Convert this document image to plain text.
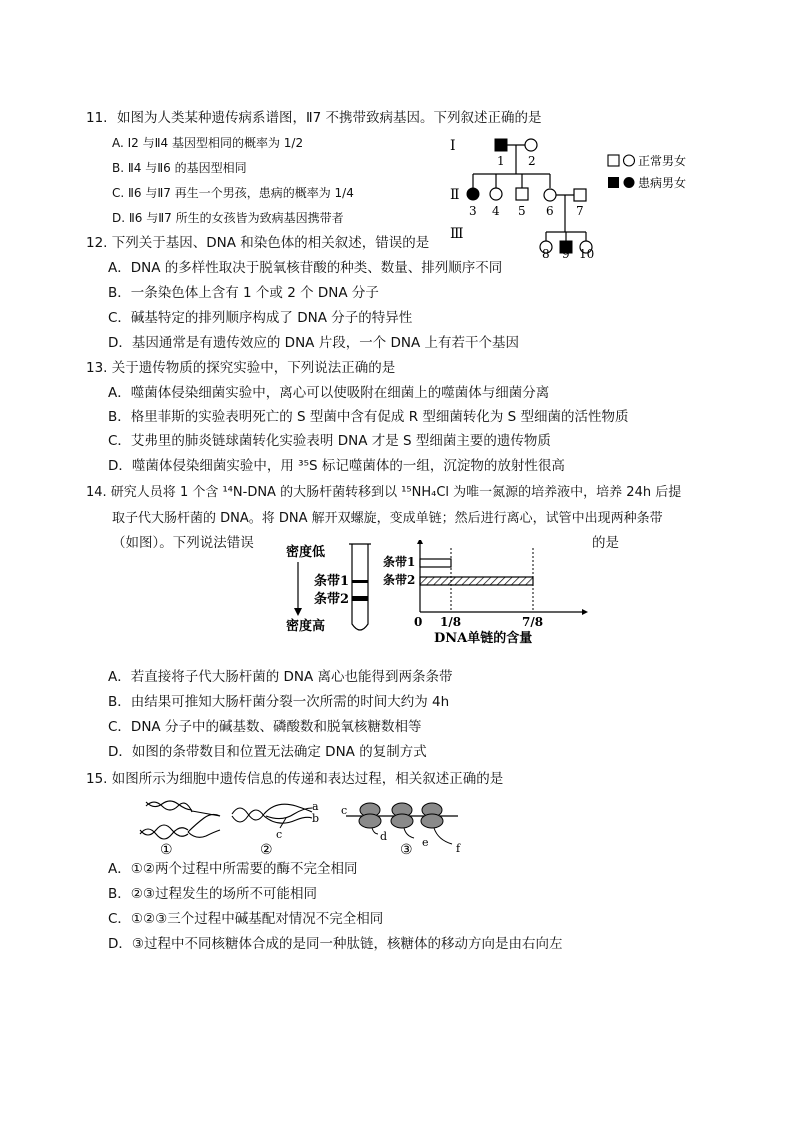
11. 如图为人类某种遗传病系谱图，Ⅱ7 不携带致病基因。下列叙述正确的是
A. Ⅰ2 与Ⅱ4 基因型相同的概率为 1/2
B. Ⅱ4 与Ⅱ6 的基因型相同
C. Ⅱ6 与Ⅱ7 再生一个男孩，患病的概率为 1/4
D. Ⅱ6 与Ⅱ7 所生的女孩皆为致病基因携带者
Ⅰ
Ⅱ
Ⅲ
1 2
3 4 5 6 7
8 9 10
正常男女
患病男女
12. 下列关于基因、DNA 和染色体的相关叙述，错误的是
A．DNA 的多样性取决于脱氧核苷酸的种类、数量、排列顺序不同
B．一条染色体上含有 1 个或 2 个 DNA 分子
C．碱基特定的排列顺序构成了 DNA 分子的特异性
D．基因通常是有遗传效应的 DNA 片段，一个 DNA 上有若干个基因
13. 关于遗传物质的探究实验中，下列说法正确的是
A．噬菌体侵染细菌实验中，离心可以使吸附在细菌上的噬菌体与细菌分离
B．格里菲斯的实验表明死亡的 S 型菌中含有促成 R 型细菌转化为 S 型细菌的活性物质
C．艾弗里的肺炎链球菌转化实验表明 DNA 才是 S 型细菌主要的遗传物质
D．噬菌体侵染细菌实验中，用 ³⁵S 标记噬菌体的一组，沉淀物的放射性很高
14. 研究人员将 1 个含 ¹⁴N-DNA 的大肠杆菌转移到以 ¹⁵NH₄Cl 为唯一氮源的培养液中，培养 24h 后提
取子代大肠杆菌的 DNA。将 DNA 解开双螺旋，变成单链；然后进行离心，试管中出现两种条带
（如图）。下列说法错误	的是
密度低
密度高
条带1
条带2
条带1
条带2
0 1/8	7/8
DNA单链的含量
A．若直接将子代大肠杆菌的 DNA 离心也能得到两条条带
B．由结果可推知大肠杆菌分裂一次所需的时间大约为 4h
C．DNA 分子中的碱基数、磷酸数和脱氧核糖数相等
D．如图的条带数目和位置无法确定 DNA 的复制方式
15. 如图所示为细胞中遗传信息的传递和表达过程，相关叙述正确的是
①
a
b
c
②
c
d	e f
③
A．①②两个过程中所需要的酶不完全相同
B．②③过程发生的场所不可能相同
C．①②③三个过程中碱基配对情况不完全相同
D．③过程中不同核糖体合成的是同一种肽链，核糖体的移动方向是由右向左
